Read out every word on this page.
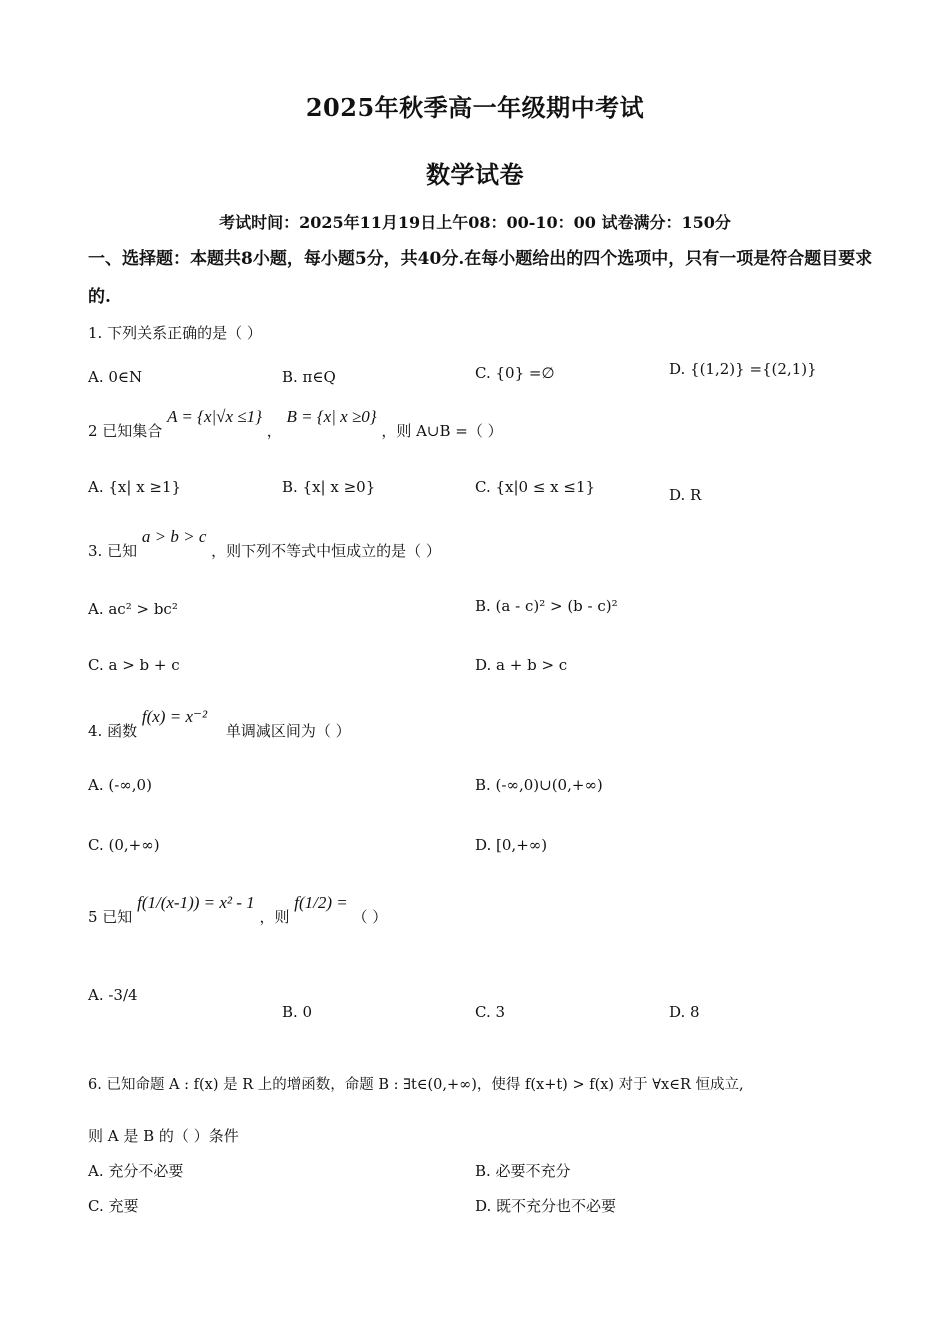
2025年秋季高一年级期中考试
数学试卷
考试时间：2025年11月19日上午08：00-10：00 试卷满分：150分
一、选择题：本题共8小题，每小题5分，共40分.在每小题给出的四个选项中，只有一项是符合题目要求的.
1. 下列关系正确的是（ ）
A. 0∈N	B. π∈Q	C. {0} =∅	D. {(1,2)} ={(2,1)}
2 已知集合 A = {x|√x ≤1} ， B = {x| x ≥0} ，则 A∪B =（ ）
A. {x| x ≥1}	B. {x| x ≥0}	C. {x|0 ≤ x ≤1}	D. R
3. 已知 a > b > c ，则下列不等式中恒成立的是（ ）
A. ac² > bc²	B. (a - c)² > (b - c)²
C. a > b + c	D. a + b > c
4. 函数 f(x) = x⁻² 单调减区间为（ ）
A. (-∞,0)	B. (-∞,0)∪(0,+∞)
C. (0,+∞)	D. [0,+∞)
5 已知 f(1/(x-1)) = x² - 1 ，则 f(1/2) = （ ）
A. -3/4
B. 0	C. 3	D. 8
6. 已知命题 A : f(x) 是 R 上的增函数，命题 B : ∃t∈(0,+∞)，使得 f(x+t) > f(x) 对于 ∀x∈R 恒成立,
则 A 是 B 的（ ）条件
A. 充分不必要	B. 必要不充分
C. 充要	D. 既不充分也不必要
